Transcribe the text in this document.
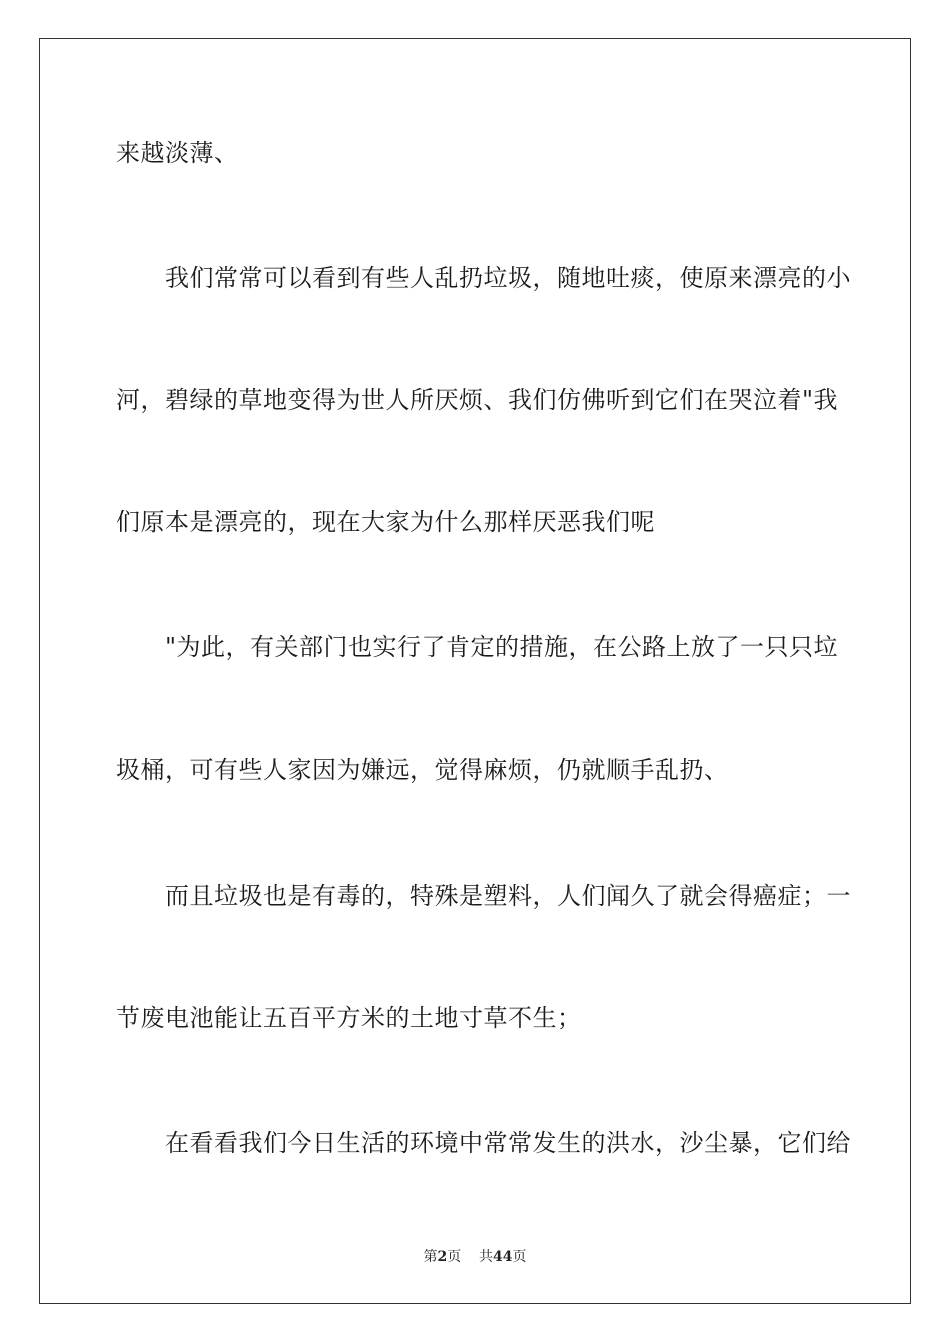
来越淡薄、
我们常常可以看到有些人乱扔垃圾，随地吐痰，使原来漂亮的小
河，碧绿的草地变得为世人所厌烦、我们仿佛听到它们在哭泣着"我
们原本是漂亮的，现在大家为什么那样厌恶我们呢
"为此，有关部门也实行了肯定的措施，在公路上放了一只只垃
圾桶，可有些人家因为嫌远，觉得麻烦，仍就顺手乱扔、
而且垃圾也是有毒的，特殊是塑料，人们闻久了就会得癌症；一
节废电池能让五百平方米的土地寸草不生；
在看看我们今日生活的环境中常常发生的洪水，沙尘暴，它们给
第2页 共44页
